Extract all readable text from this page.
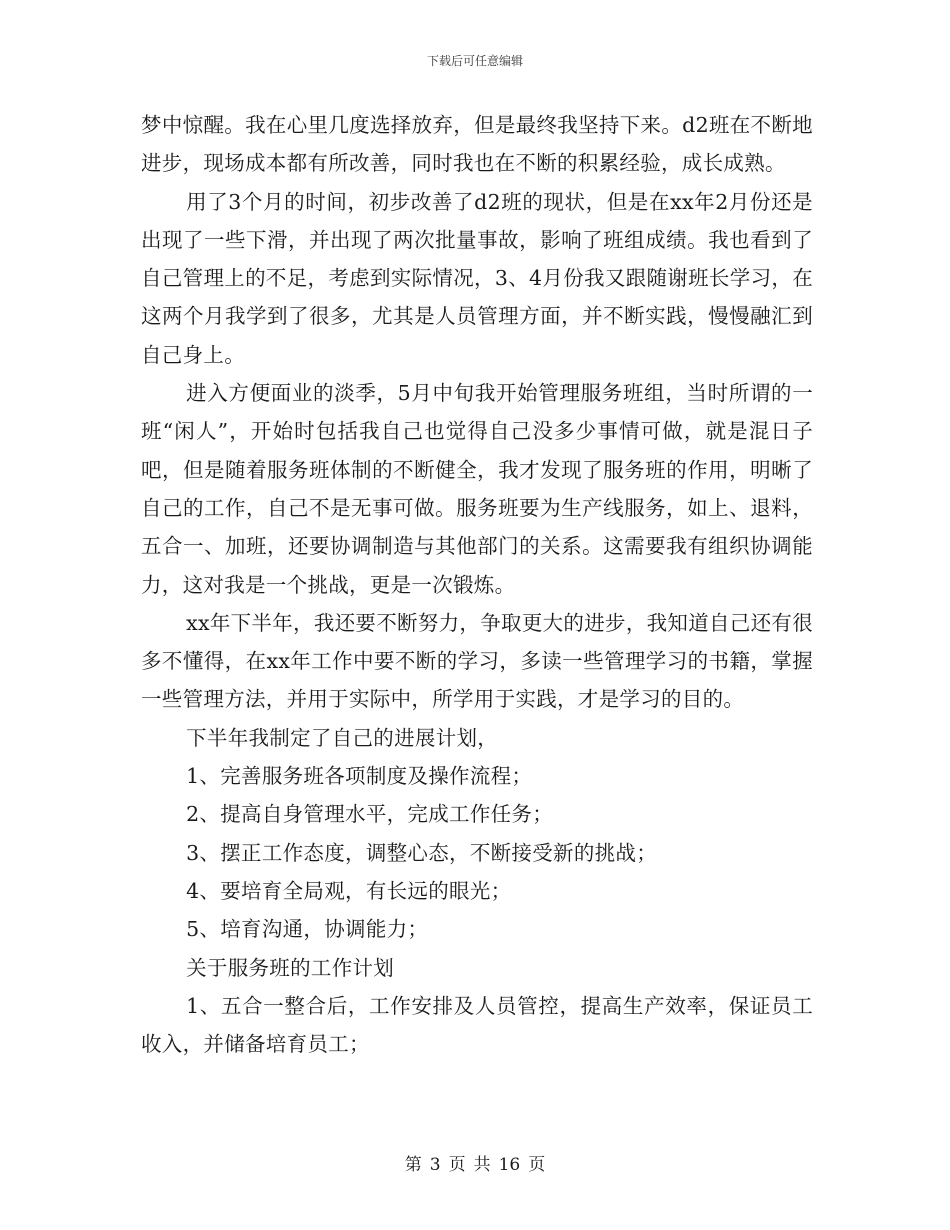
下载后可任意编辑

梦中惊醒。我在心里几度选择放弃，但是最终我坚持下来。d2班在不断地进步，现场成本都有所改善，同时我也在不断的积累经验，成长成熟。

用了3个月的时间，初步改善了d2班的现状，但是在xx年2月份还是出现了一些下滑，并出现了两次批量事故，影响了班组成绩。我也看到了自己管理上的不足，考虑到实际情况，3、4月份我又跟随谢班长学习，在这两个月我学到了很多，尤其是人员管理方面，并不断实践，慢慢融汇到自己身上。

进入方便面业的淡季，5月中旬我开始管理服务班组，当时所谓的一班“闲人”，开始时包括我自己也觉得自己没多少事情可做，就是混日子吧，但是随着服务班体制的不断健全，我才发现了服务班的作用，明晰了自己的工作，自己不是无事可做。服务班要为生产线服务，如上、退料，五合一、加班，还要协调制造与其他部门的关系。这需要我有组织协调能力，这对我是一个挑战，更是一次锻炼。

xx年下半年，我还要不断努力，争取更大的进步，我知道自己还有很多不懂得，在xx年工作中要不断的学习，多读一些管理学习的书籍，掌握一些管理方法，并用于实际中，所学用于实践，才是学习的目的。

下半年我制定了自己的进展计划，

1、完善服务班各项制度及操作流程；

2、提高自身管理水平，完成工作任务；

3、摆正工作态度，调整心态，不断接受新的挑战；

4、要培育全局观，有长远的眼光；

5、培育沟通，协调能力；

关于服务班的工作计划

1、五合一整合后，工作安排及人员管控，提高生产效率，保证员工收入，并储备培育员工；

第 3 页 共 16 页
